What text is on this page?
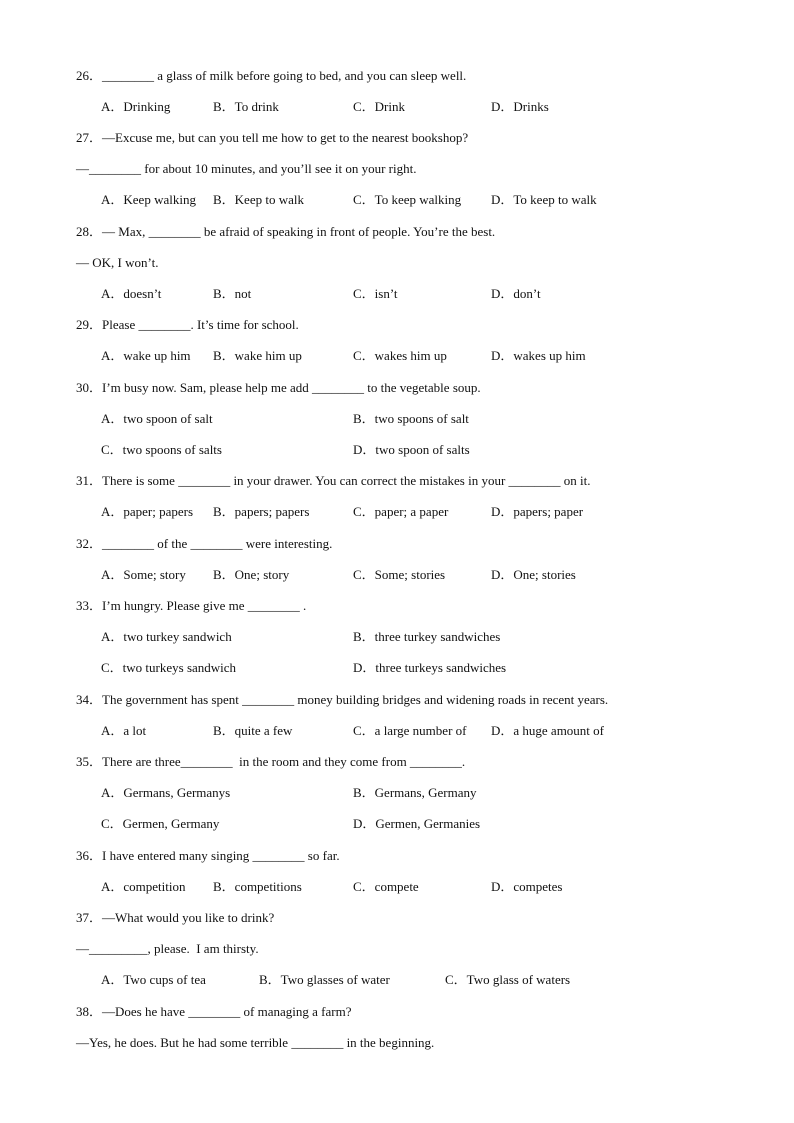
26．________ a glass of milk before going to bed, and you can sleep well.
A．Drinking	B．To drink	C．Drink	D．Drinks
27．—Excuse me, but can you tell me how to get to the nearest bookshop?
—________ for about 10 minutes, and you’ll see it on your right.
A．Keep walking B．Keep to walk	C．To keep walking D．To keep to walk
28．— Max, ________ be afraid of speaking in front of people. You’re the best.
— OK, I won’t.
A．doesn’t	B．not	C．isn’t	D．don’t
29．Please ________. It’s time for school.
A．wake up him B．wake him up	C．wakes him up	D．wakes up him
30．I’m busy now. Sam, please help me add ________ to the vegetable soup.
A．two spoon of salt	B．two spoons of salt
C．two spoons of salts	D．two spoon of salts
31．There is some ________ in your drawer. You can correct the mistakes in your ________ on it.
A．paper; papers B．papers; papers	C．paper; a paper	D．papers; paper
32．________ of the ________ were interesting.
A．Some; story B．One; story	C．Some; stories	D．One; stories
33．I’m hungry. Please give me ________ .
A．two turkey sandwich	B．three turkey sandwiches
C．two turkeys sandwich	D．three turkeys sandwiches
34．The government has spent ________ money building bridges and widening roads in recent years.
A．a lot	B．quite a few	C．a large number of D．a huge amount of
35．There are three________  in the room and they come from ________.
A．Germans, Germanys	B．Germans, Germany
C．Germen, Germany	D．Germen, Germanies
36．I have entered many singing ________ so far.
A．competition B．competitions	C．compete	D．competes
37．—What would you like to drink?
—_________, please.  I am thirsty.
A．Two cups of tea	B．Two glasses of water	C．Two glass of waters
38．—Does he have ________ of managing a farm?
—Yes, he does. But he had some terrible ________ in the beginning.
